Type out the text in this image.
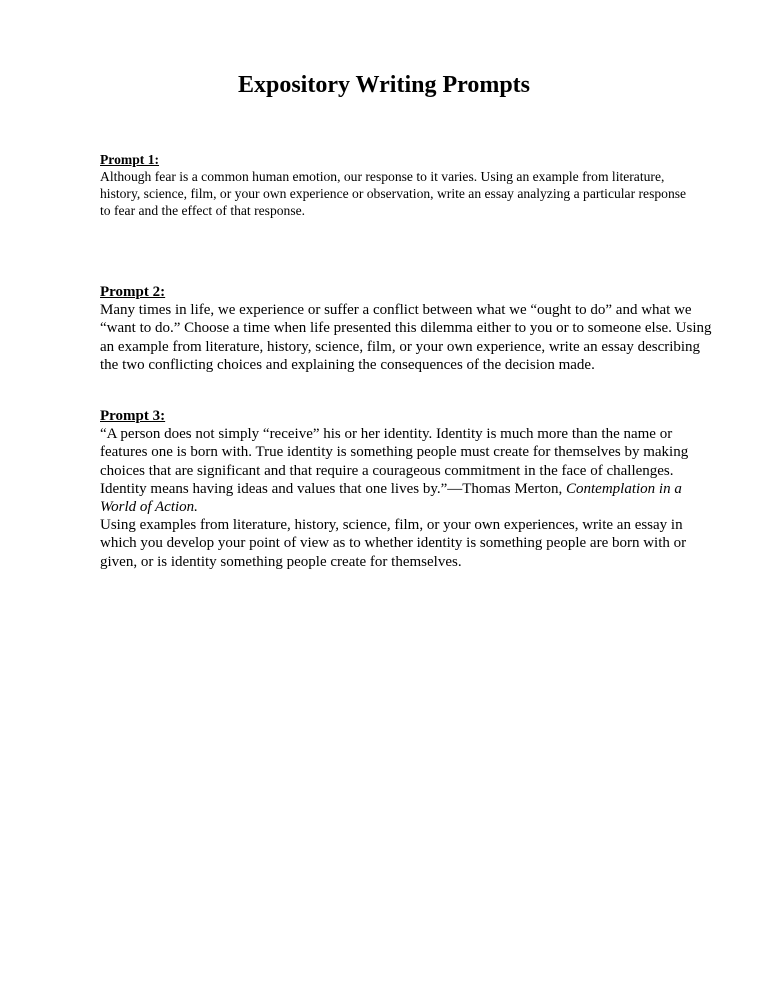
Expository Writing Prompts
Prompt 1:
Although fear is a common human emotion, our response to it varies. Using an example from literature,
history, science, film, or your own experience or observation, write an essay analyzing a particular response
to fear and the effect of that response.
Prompt 2:
Many times in life, we experience or suffer a conflict between what we “ought to do” and what we
“want to do.” Choose a time when life presented this dilemma either to you or to someone else. Using
an example from literature, history, science, film, or your own experience, write an essay describing
the two conflicting choices and explaining the consequences of the decision made.
Prompt 3:
“A person does not simply “receive” his or her identity. Identity is much more than the name or
features one is born with. True identity is something people must create for themselves by making
choices that are significant and that require a courageous commitment in the face of challenges.
Identity means having ideas and values that one lives by.”—Thomas Merton, Contemplation in a
World of Action.
Using examples from literature, history, science, film, or your own experiences, write an essay in
which you develop your point of view as to whether identity is something people are born with or
given, or is identity something people create for themselves.
